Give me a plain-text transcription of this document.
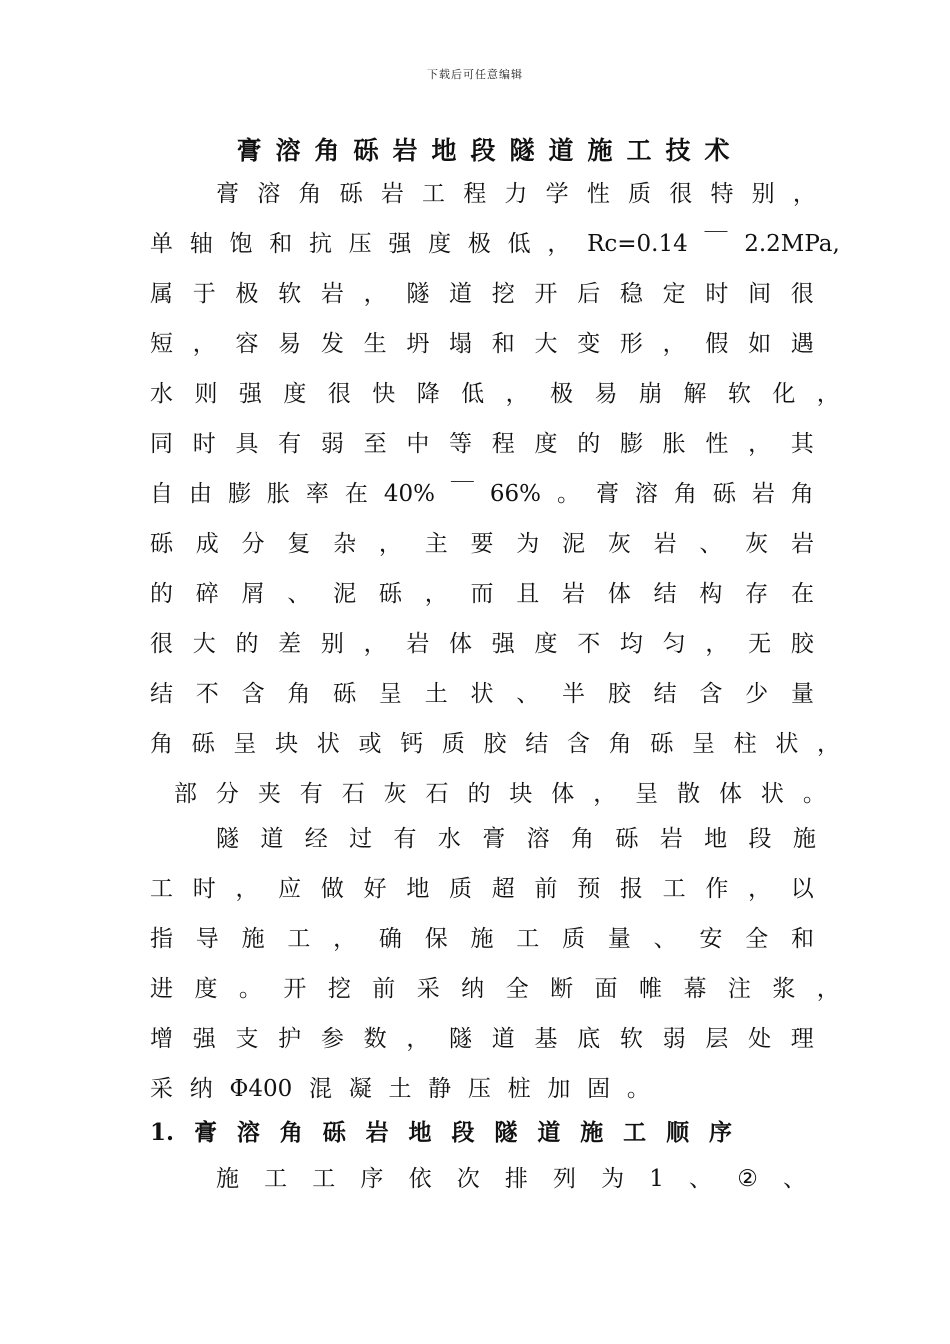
下载后可任意编辑
膏溶角砾岩地段隧道施工技术
膏 溶 角 砾 岩 工 程 力 学 性 质 很 特 别 ，
单 轴 饱 和 抗 压 强 度 极 低 ， Rc=0.14 ￣ 2.2MPa,
属 于 极 软 岩 ， 隧 道 挖 开 后 稳 定 时 间 很
短 ， 容 易 发 生 坍 塌 和 大 变 形 ， 假 如 遇
水 则 强 度 很 快 降 低 ， 极 易 崩 解 软 化 ，
同 时 具 有 弱 至 中 等 程 度 的 膨 胀 性 ， 其
自 由 膨 胀 率 在 40% ￣ 66% 。 膏 溶 角 砾 岩 角
砾 成 分 复 杂 ， 主 要 为 泥 灰 岩 、 灰 岩
的 碎 屑 、 泥 砾 ， 而 且 岩 体 结 构 存 在
很 大 的 差 别 ， 岩 体 强 度 不 均 匀 ， 无 胶
结 不 含 角 砾 呈 土 状 、 半 胶 结 含 少 量
角 砾 呈 块 状 或 钙 质 胶 结 含 角 砾 呈 柱 状 ，
部 分 夹 有 石 灰 石 的 块 体 ， 呈 散 体 状 。
隧 道 经 过 有 水 膏 溶 角 砾 岩 地 段 施
工 时 ， 应 做 好 地 质 超 前 预 报 工 作 ， 以
指 导 施 工 ， 确 保 施 工 质 量 、 安 全 和
进 度 。 开 挖 前 采 纳 全 断 面 帷 幕 注 浆 ，
增 强 支 护 参 数 ， 隧 道 基 底 软 弱 层 处 理
采 纳 Φ400 混 凝 土 静 压 桩 加 固 。
1. 膏 溶 角 砾 岩 地 段 隧 道 施 工 顺 序
施 工 工 序 依 次 排 列 为 1 、 ② 、
